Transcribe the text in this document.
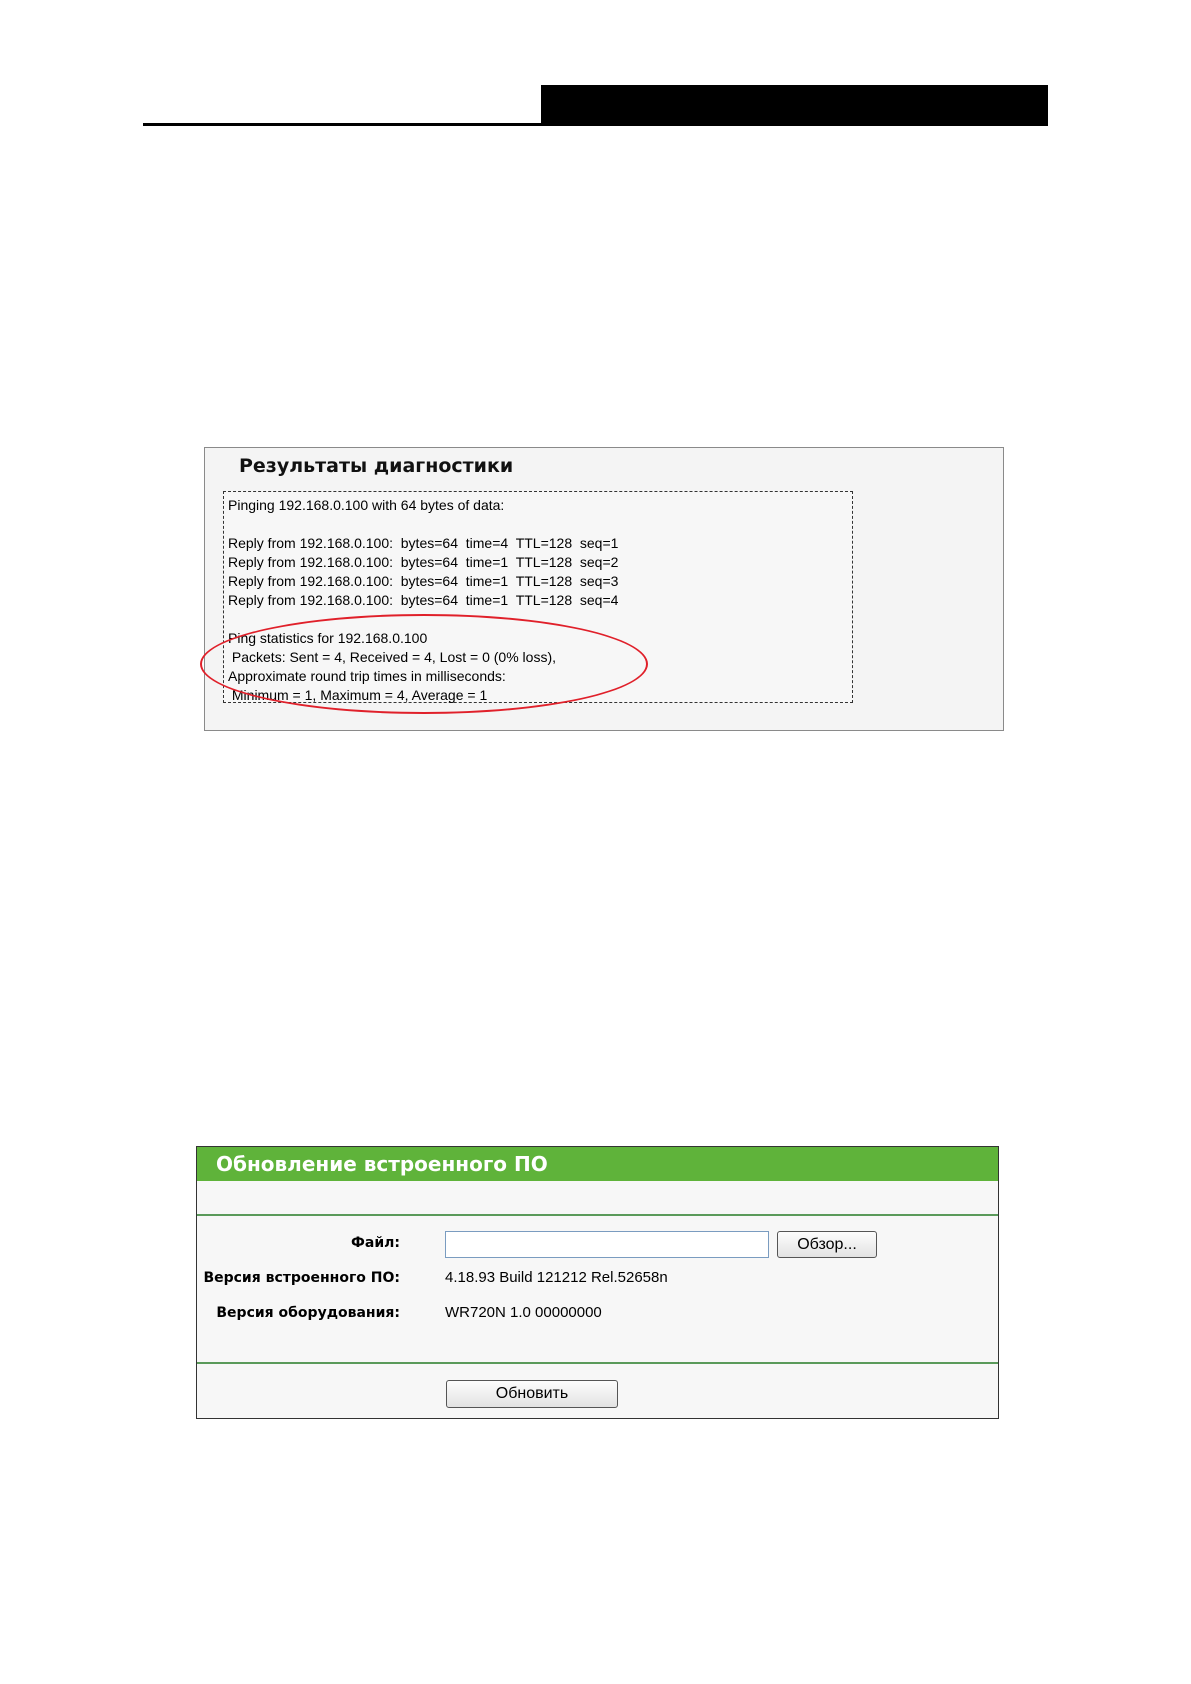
Результаты диагностики
Pinging 192.168.0.100 with 64 bytes of data:
Reply from 192.168.0.100:  bytes=64  time=4  TTL=128  seq=1
Reply from 192.168.0.100:  bytes=64  time=1  TTL=128  seq=2
Reply from 192.168.0.100:  bytes=64  time=1  TTL=128  seq=3
Reply from 192.168.0.100:  bytes=64  time=1  TTL=128  seq=4
Ping statistics for 192.168.0.100
Packets: Sent = 4, Received = 4, Lost = 0 (0% loss),
Approximate round trip times in milliseconds:
Minimum = 1, Maximum = 4, Average = 1
Обновление встроенного ПО
Файл:	Обзор...
Версия встроенного ПО:	4.18.93 Build 121212 Rel.52658n
Версия оборудования:	WR720N 1.0 00000000
Обновить
